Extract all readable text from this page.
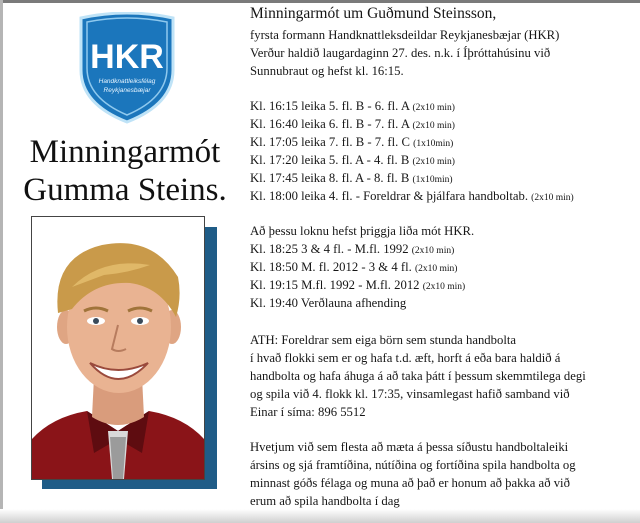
HKR
Handknattleiksfélag
Reykjanesbæjar
Minningarmót
Gumma Steins.
Minningarmót um Guðmund Steinsson,
fyrsta formann Handknattleksdeildar Reykjanesbæjar (HKR)
Verður haldið laugardaginn 27. des. n.k. í Íþróttahúsinu við
Sunnubraut og hefst kl. 16:15.
Kl. 16:15 leika 5. fl. B - 6. fl. A (2x10 min)
Kl. 16:40 leika 6. fl. B - 7. fl. A (2x10 min)
Kl. 17:05 leika 7. fl. B - 7. fl. C (1x10min)
Kl. 17:20 leika 5. fl. A - 4. fl. B (2x10 min)
Kl. 17:45 leika 8. fl. A - 8. fl. B (1x10min)
Kl. 18:00 leika 4. fl. - Foreldrar & þjálfara handboltab. (2x10 min)
Að þessu loknu hefst þriggja liða mót HKR.
Kl. 18:25 3 & 4 fl. - M.fl. 1992 (2x10 min)
Kl. 18:50 M. fl. 2012 - 3 & 4 fl. (2x10 min)
Kl. 19:15 M.fl. 1992 - M.fl. 2012 (2x10 min)
Kl. 19:40 Verðlauna afhending
ATH: Foreldrar sem eiga börn sem stunda handbolta
í hvað flokki sem er og hafa t.d. æft, horft á eða bara haldið á
handbolta og hafa áhuga á að taka þátt í þessum skemmtilega degi
og spila við 4. flokk kl. 17:35, vinsamlegast hafið samband við
Einar í síma: 896 5512
Hvetjum við sem flesta að mæta á þessa síðustu handboltaleiki
ársins og sjá framtíðina, nútíðina og fortíðina spila handbolta og
minnast góðs félaga og muna að það er honum að þakka að við
erum að spila handbolta í dag
